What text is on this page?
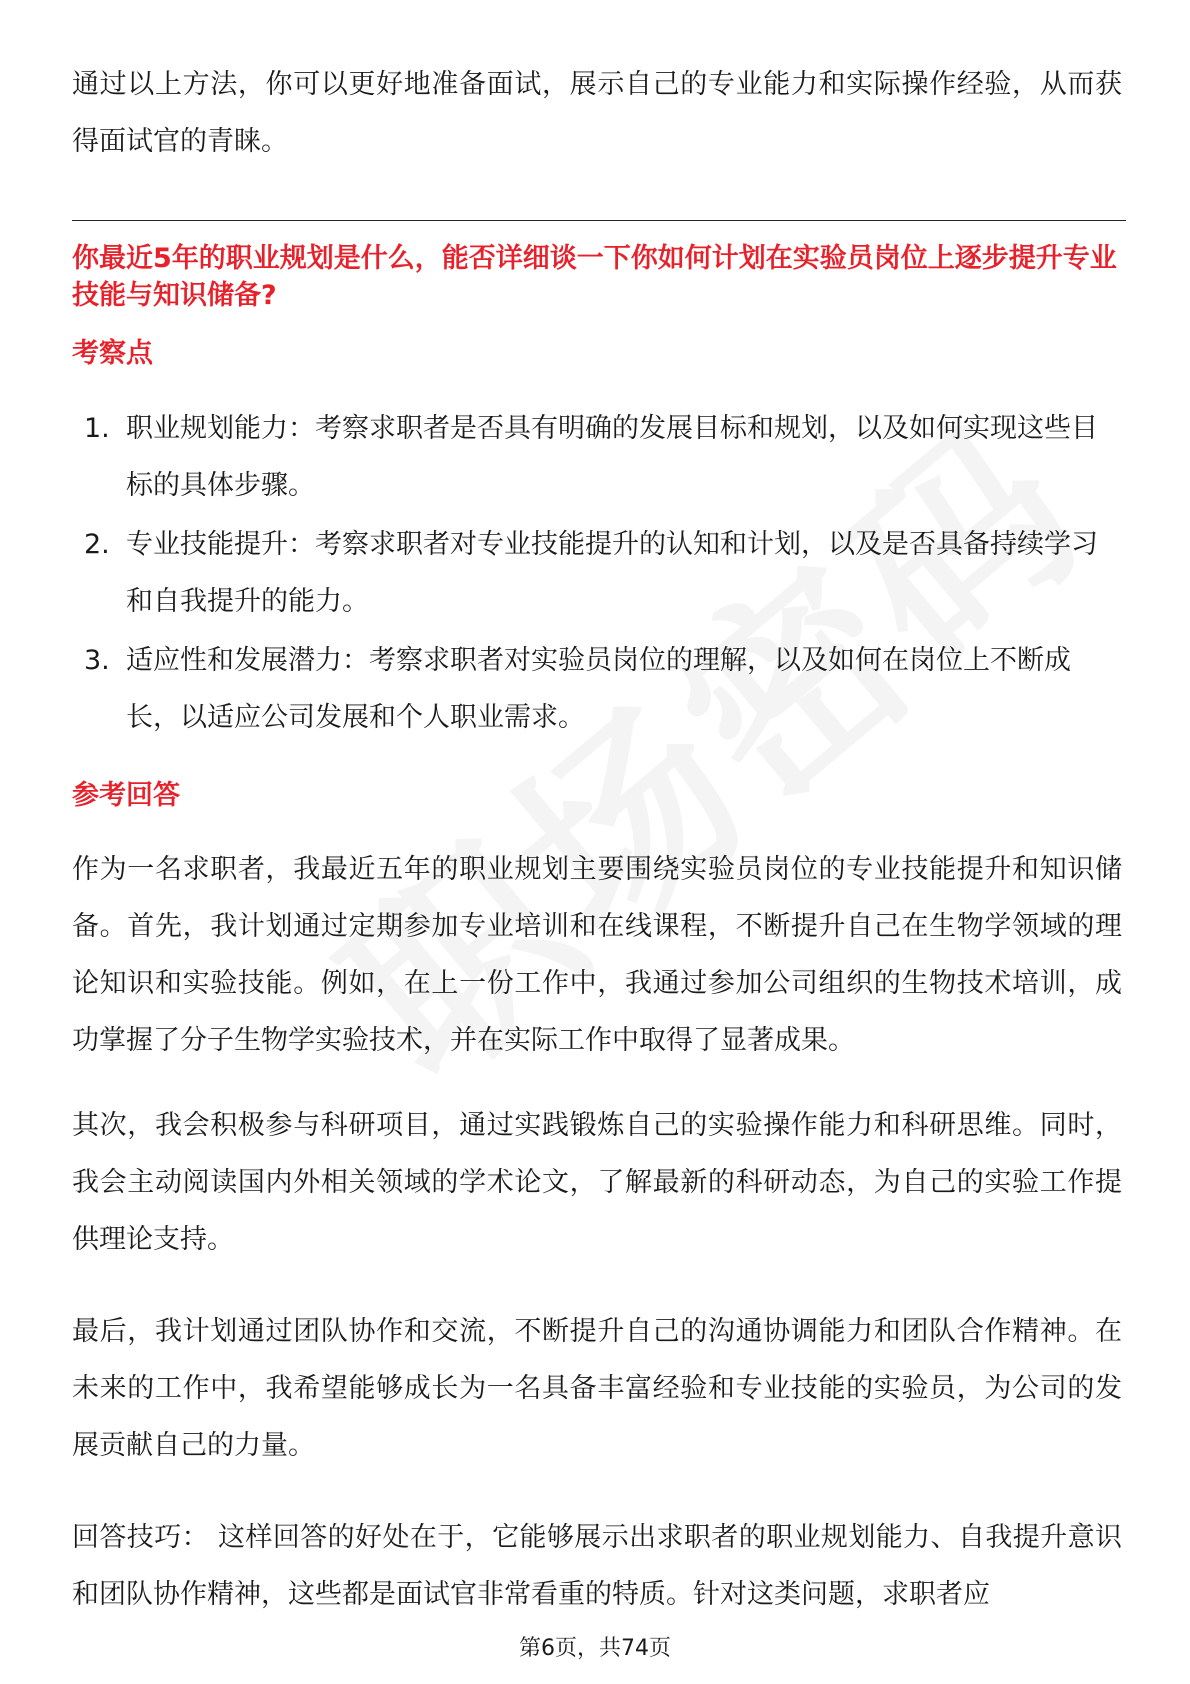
通过以上方法，你可以更好地准备面试，展示自己的专业能力和实际操作经验，从而获得面试官的青睐。

你最近5年的职业规划是什么，能否详细谈一下你如何计划在实验员岗位上逐步提升专业技能与知识储备?

考察点

1. 职业规划能力：考察求职者是否具有明确的发展目标和规划，以及如何实现这些目标的具体步骤。
2. 专业技能提升：考察求职者对专业技能提升的认知和计划，以及是否具备持续学习和自我提升的能力。
3. 适应性和发展潜力：考察求职者对实验员岗位的理解，以及如何在岗位上不断成长，以适应公司发展和个人职业需求。

参考回答

作为一名求职者，我最近五年的职业规划主要围绕实验员岗位的专业技能提升和知识储备。首先，我计划通过定期参加专业培训和在线课程，不断提升自己在生物学领域的理论知识和实验技能。例如，在上一份工作中，我通过参加公司组织的生物技术培训，成功掌握了分子生物学实验技术，并在实际工作中取得了显著成果。

其次，我会积极参与科研项目，通过实践锻炼自己的实验操作能力和科研思维。同时，我会主动阅读国内外相关领域的学术论文，了解最新的科研动态，为自己的实验工作提供理论支持。

最后，我计划通过团队协作和交流，不断提升自己的沟通协调能力和团队合作精神。在未来的工作中，我希望能够成长为一名具备丰富经验和专业技能的实验员，为公司的发展贡献自己的力量。

回答技巧： 这样回答的好处在于，它能够展示出求职者的职业规划能力、自我提升意识和团队协作精神，这些都是面试官非常看重的特质。针对这类问题，求职者应

第6页，共74页
